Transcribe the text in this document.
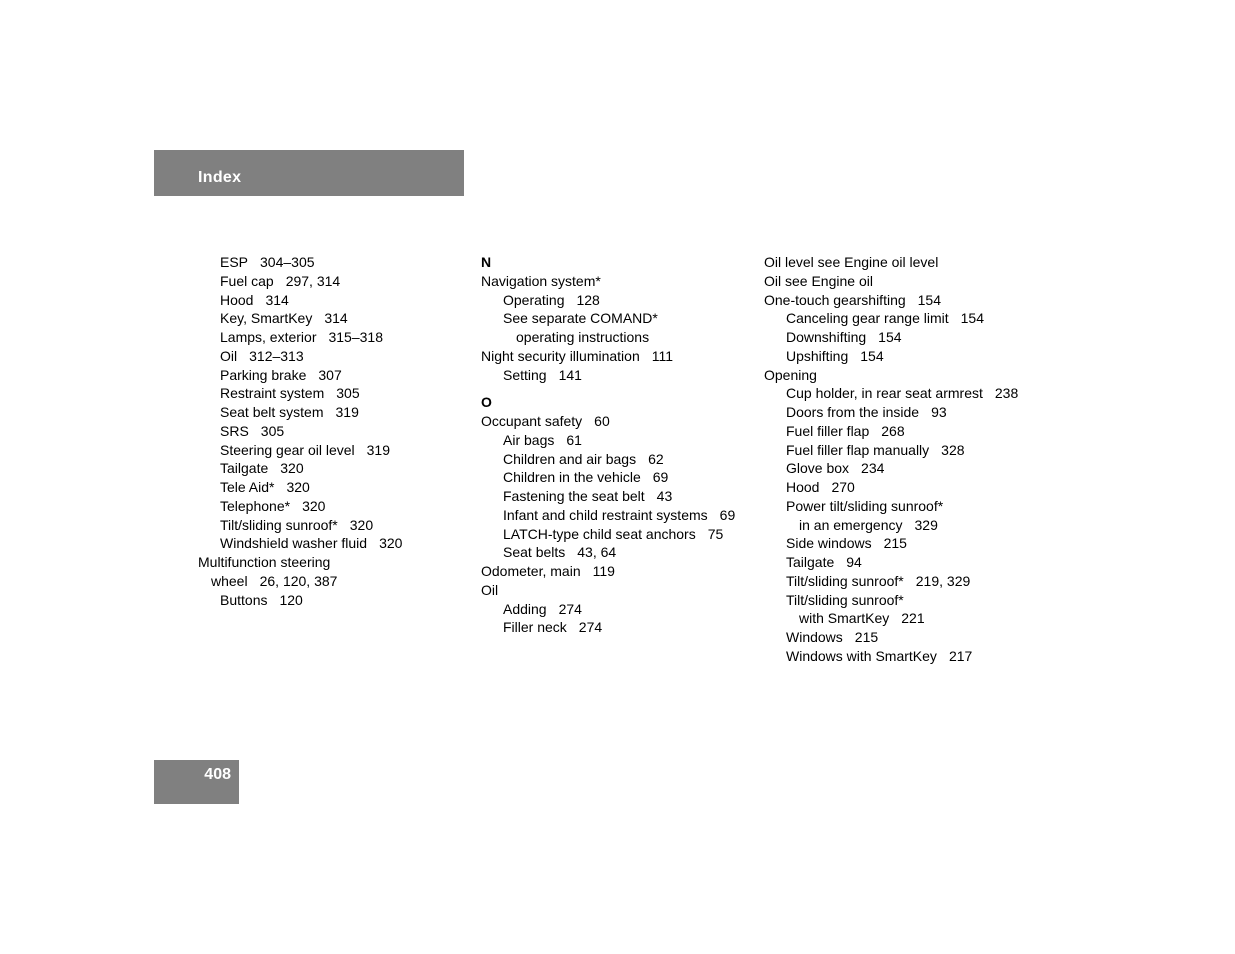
Index
ESP 304–305
Fuel cap 297, 314
Hood 314
Key, SmartKey 314
Lamps, exterior 315–318
Oil 312–313
Parking brake 307
Restraint system 305
Seat belt system 319
SRS 305
Steering gear oil level 319
Tailgate 320
Tele Aid* 320
Telephone* 320
Tilt/sliding sunroof* 320
Windshield washer fluid 320
Multifunction steering
wheel 26, 120, 387
Buttons 120
N
Navigation system*
Operating 128
See separate COMAND*
operating instructions
Night security illumination 111
Setting 141
O
Occupant safety 60
Air bags 61
Children and air bags 62
Children in the vehicle 69
Fastening the seat belt 43
Infant and child restraint systems 69
LATCH-type child seat anchors 75
Seat belts 43, 64
Odometer, main 119
Oil
Adding 274
Filler neck 274
Oil level see Engine oil level
Oil see Engine oil
One-touch gearshifting 154
Canceling gear range limit 154
Downshifting 154
Upshifting 154
Opening
Cup holder, in rear seat armrest 238
Doors from the inside 93
Fuel filler flap 268
Fuel filler flap manually 328
Glove box 234
Hood 270
Power tilt/sliding sunroof*
in an emergency 329
Side windows 215
Tailgate 94
Tilt/sliding sunroof* 219, 329
Tilt/sliding sunroof*
with SmartKey 221
Windows 215
Windows with SmartKey 217
408
